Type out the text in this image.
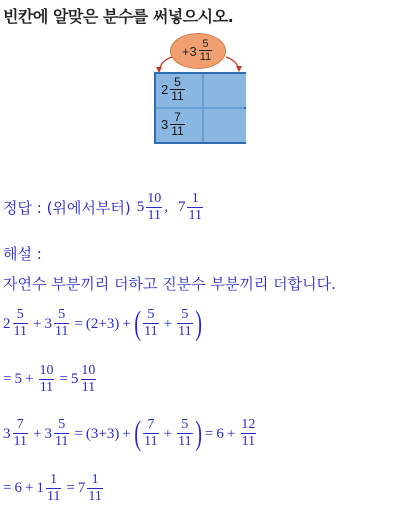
빈칸에 알맞은 분수를 써넣으시오.
$+3 \frac{5}{11}$
$2 \frac{5}{11}$
$3 \frac{7}{11}$
정답 : (위에서부터) $5 \frac{10}{11}$ , $7 \frac{1}{11}$
해설 :
자연수 부분끼리 더하고 진분수 부분끼리 더합니다.
$2 \frac{5}{11} + 3 \frac{5}{11} = (2+3)$ + ( $\frac{5}{11} + \frac{5}{11}$ )
= $5 + \frac{10}{11} = 5 \frac{10}{11}$
$3 \frac{7}{11} + 3 \frac{5}{11} = (3+3)$ + ( $\frac{7}{11} + \frac{5}{11}$ ) = $6 + \frac{12}{11}$
= $6 + 1 \frac{1}{11} = 7 \frac{1}{11}$
